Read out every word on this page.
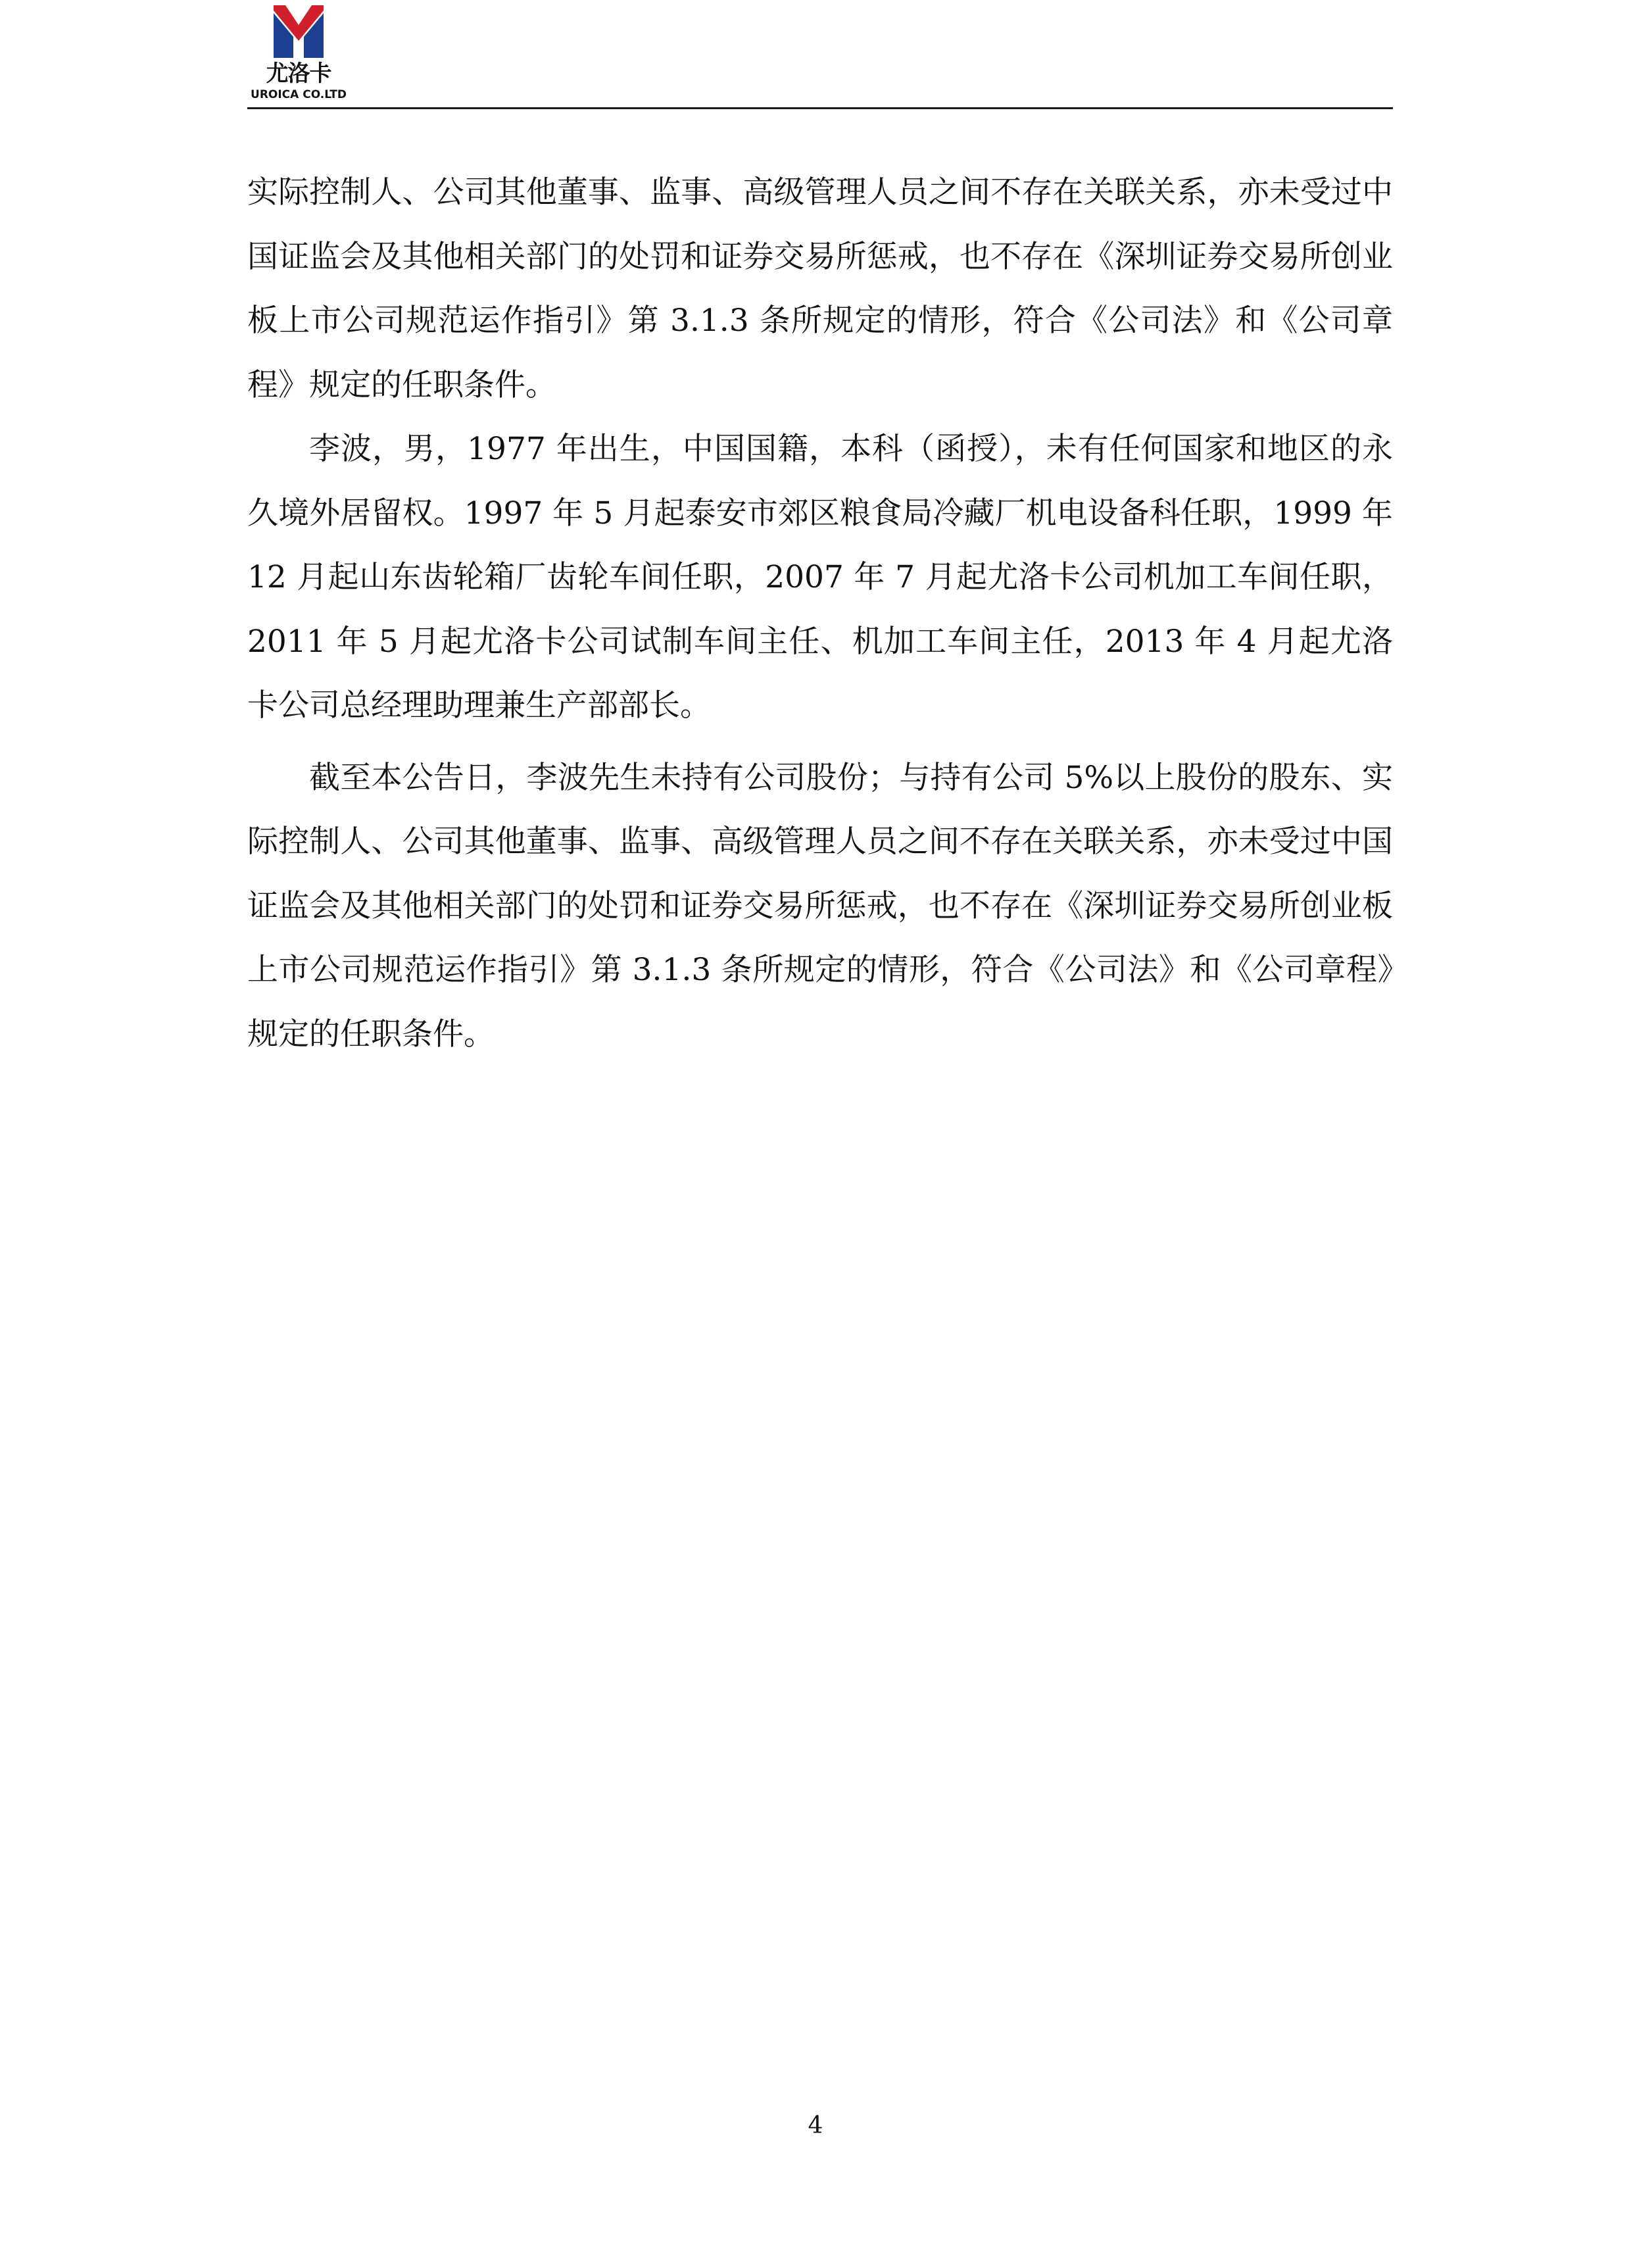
尤洛卡
UROICA CO.LTD

实际控制人、公司其他董事、监事、高级管理人员之间不存在关联关系，亦未受过中国证监会及其他相关部门的处罚和证券交易所惩戒，也不存在《深圳证券交易所创业板上市公司规范运作指引》第 3.1.3 条所规定的情形，符合《公司法》和《公司章程》规定的任职条件。

李波，男，1977 年出生，中国国籍，本科（函授），未有任何国家和地区的永久境外居留权。1997 年 5 月起泰安市郊区粮食局冷藏厂机电设备科任职，1999 年 12 月起山东齿轮箱厂齿轮车间任职，2007 年 7 月起尤洛卡公司机加工车间任职，2011 年 5 月起尤洛卡公司试制车间主任、机加工车间主任，2013 年 4 月起尤洛卡公司总经理助理兼生产部部长。

截至本公告日，李波先生未持有公司股份；与持有公司 5%以上股份的股东、实际控制人、公司其他董事、监事、高级管理人员之间不存在关联关系，亦未受过中国证监会及其他相关部门的处罚和证券交易所惩戒，也不存在《深圳证券交易所创业板上市公司规范运作指引》第 3.1.3 条所规定的情形，符合《公司法》和《公司章程》规定的任职条件。

4
